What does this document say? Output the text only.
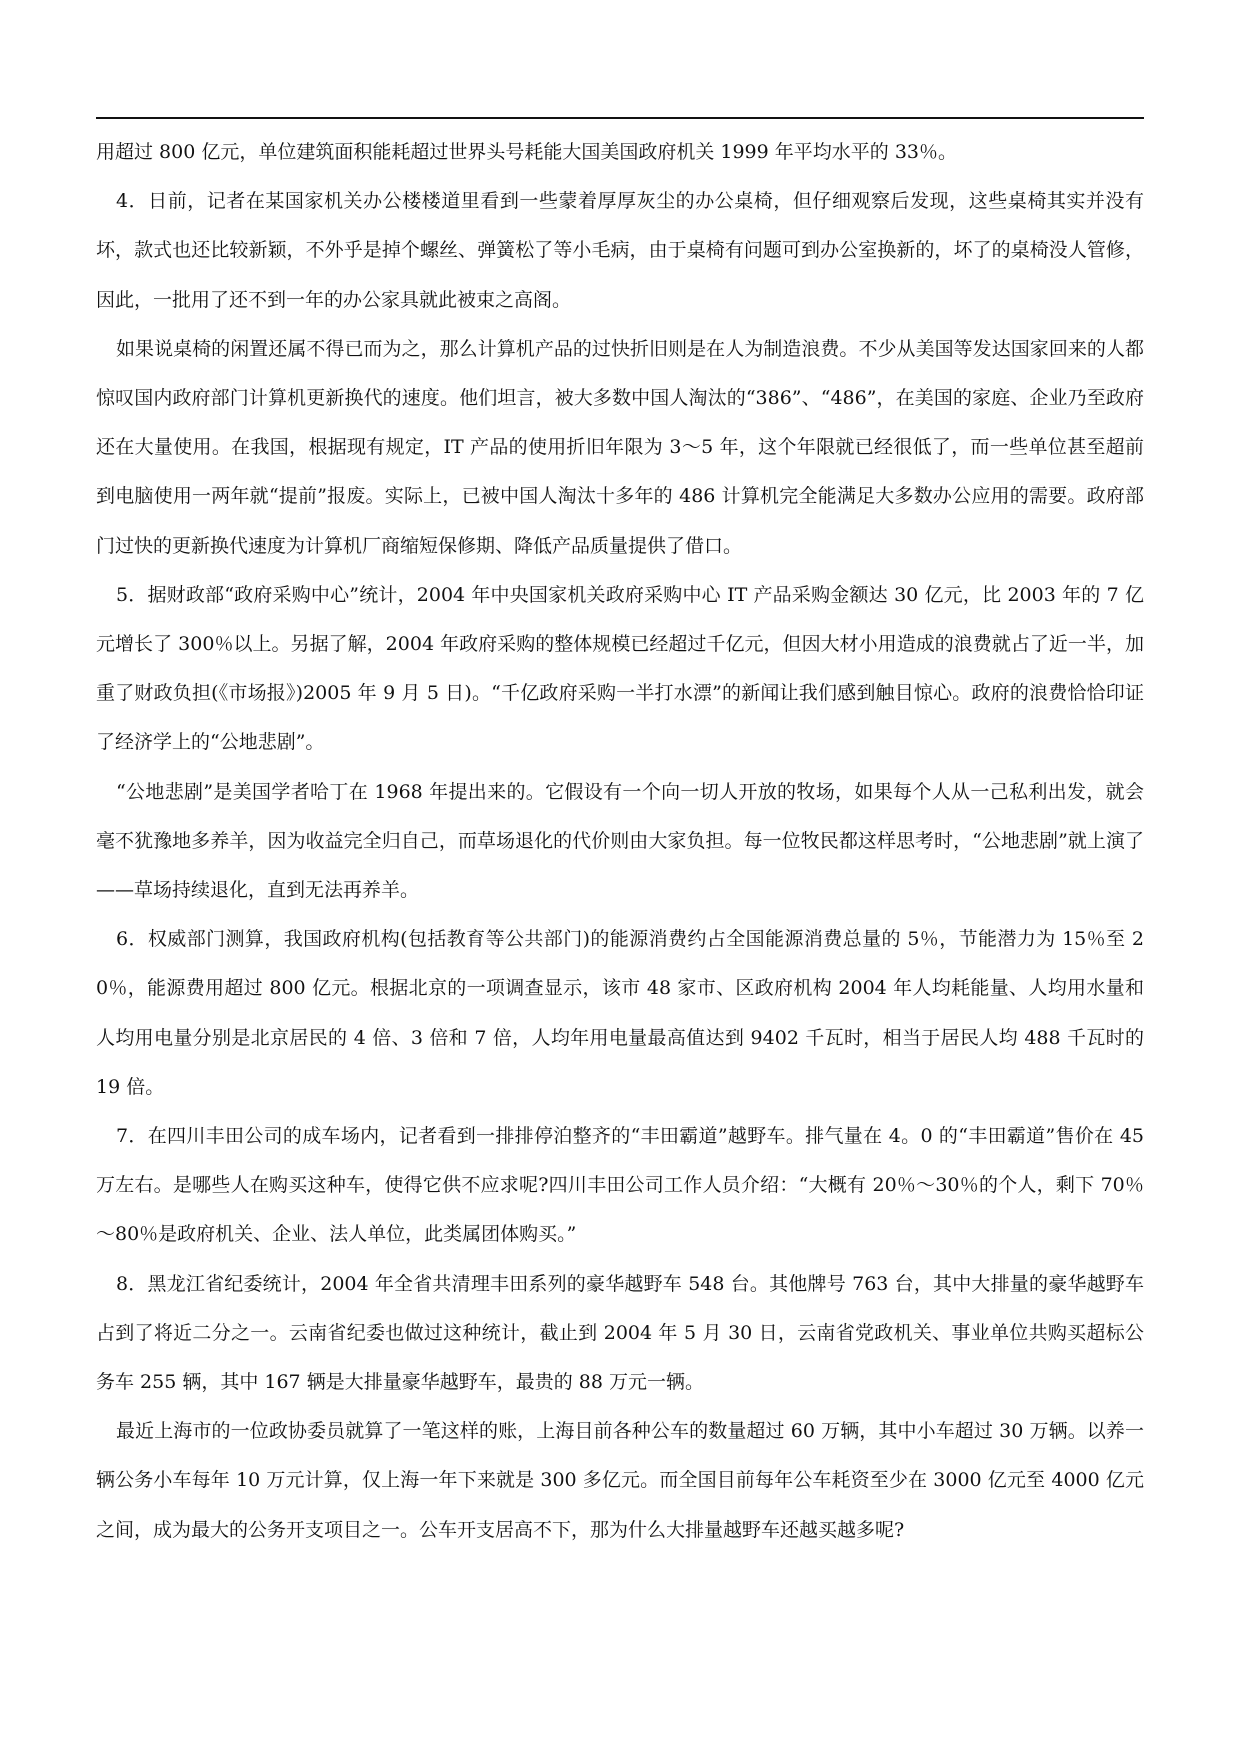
用超过 800 亿元，单位建筑面积能耗超过世界头号耗能大国美国政府机关 1999 年平均水平的 33％。

4．日前，记者在某国家机关办公楼楼道里看到一些蒙着厚厚灰尘的办公桌椅，但仔细观察后发现，这些桌椅其实并没有坏，款式也还比较新颖，不外乎是掉个螺丝、弹簧松了等小毛病，由于桌椅有问题可到办公室换新的，坏了的桌椅没人管修，因此，一批用了还不到一年的办公家具就此被束之高阁。

如果说桌椅的闲置还属不得已而为之，那么计算机产品的过快折旧则是在人为制造浪费。不少从美国等发达国家回来的人都惊叹国内政府部门计算机更新换代的速度。他们坦言，被大多数中国人淘汰的“386”、“486”，在美国的家庭、企业乃至政府还在大量使用。在我国，根据现有规定，IT 产品的使用折旧年限为 3～5 年，这个年限就已经很低了，而一些单位甚至超前到电脑使用一两年就“提前”报废。实际上，已被中国人淘汰十多年的 486 计算机完全能满足大多数办公应用的需要。政府部门过快的更新换代速度为计算机厂商缩短保修期、降低产品质量提供了借口。

5．据财政部“政府采购中心”统计，2004 年中央国家机关政府采购中心 IT 产品采购金额达 30 亿元，比 2003 年的 7 亿元增长了 300％以上。另据了解，2004 年政府采购的整体规模已经超过千亿元，但因大材小用造成的浪费就占了近一半，加重了财政负担(《市场报》)2005 年 9 月 5 日)。“千亿政府采购一半打水漂”的新闻让我们感到触目惊心。政府的浪费恰恰印证了经济学上的“公地悲剧”。

“公地悲剧”是美国学者哈丁在 1968 年提出来的。它假设有一个向一切人开放的牧场，如果每个人从一己私利出发，就会毫不犹豫地多养羊，因为收益完全归自己，而草场退化的代价则由大家负担。每一位牧民都这样思考时，“公地悲剧”就上演了——草场持续退化，直到无法再养羊。

6．权威部门测算，我国政府机构(包括教育等公共部门)的能源消费约占全国能源消费总量的 5％，节能潜力为 15％至 20％，能源费用超过 800 亿元。根据北京的一项调查显示，该市 48 家市、区政府机构 2004 年人均耗能量、人均用水量和人均用电量分别是北京居民的 4 倍、3 倍和 7 倍，人均年用电量最高值达到 9402 千瓦时，相当于居民人均 488 千瓦时的 19 倍。

7．在四川丰田公司的成车场内，记者看到一排排停泊整齐的“丰田霸道”越野车。排气量在 4。0 的“丰田霸道”售价在 45 万左右。是哪些人在购买这种车，使得它供不应求呢?四川丰田公司工作人员介绍：“大概有 20％～30％的个人，剩下 70％～80％是政府机关、企业、法人单位，此类属团体购买。”

8．黑龙江省纪委统计，2004 年全省共清理丰田系列的豪华越野车 548 台。其他牌号 763 台，其中大排量的豪华越野车占到了将近二分之一。云南省纪委也做过这种统计，截止到 2004 年 5 月 30 日，云南省党政机关、事业单位共购买超标公务车 255 辆，其中 167 辆是大排量豪华越野车，最贵的 88 万元一辆。

最近上海市的一位政协委员就算了一笔这样的账，上海目前各种公车的数量超过 60 万辆，其中小车超过 30 万辆。以养一辆公务小车每年 10 万元计算，仅上海一年下来就是 300 多亿元。而全国目前每年公车耗资至少在 3000 亿元至 4000 亿元之间，成为最大的公务开支项目之一。公车开支居高不下，那为什么大排量越野车还越买越多呢?
